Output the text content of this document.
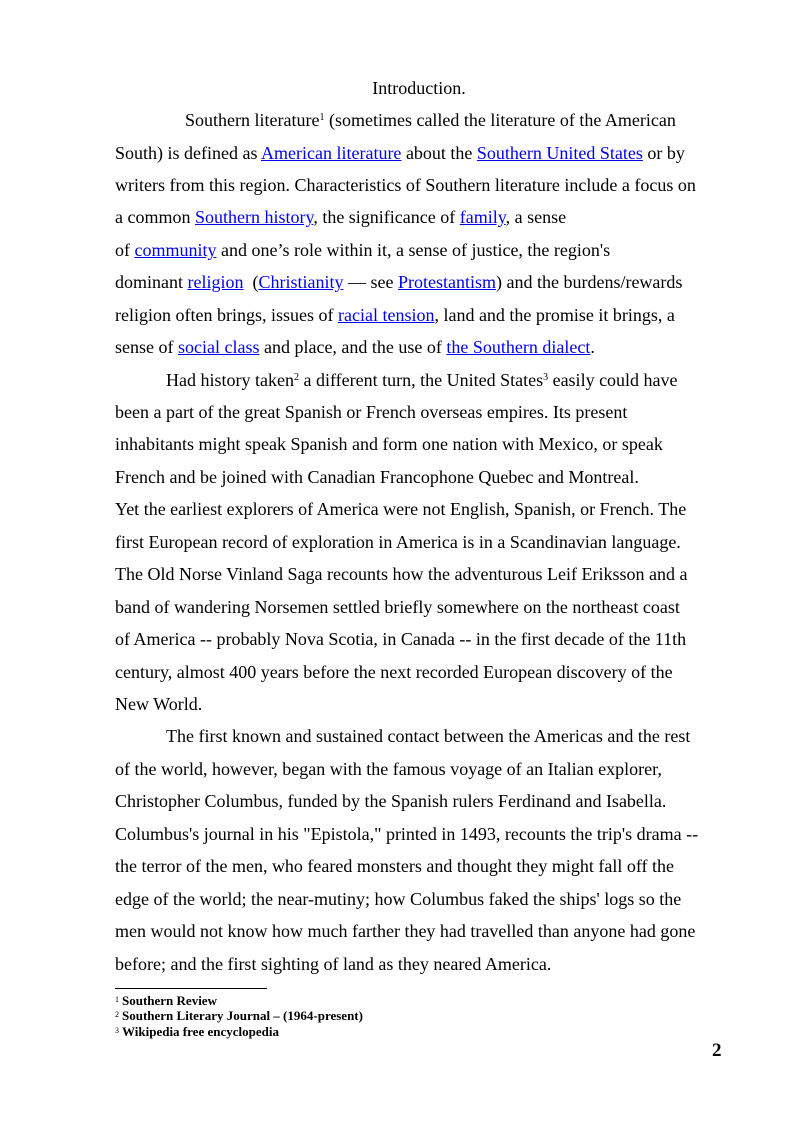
Introduction.
Southern literature$^1$ (sometimes called the literature of the American
South) is defined as American literature about the Southern United States or by
writers from this region. Characteristics of Southern literature include a focus on
a common Southern history, the significance of family, a sense
of community and one’s role within it, a sense of justice, the region's
dominant religion  (Christianity — see Protestantism) and the burdens/rewards
religion often brings, issues of racial tension, land and the promise it brings, a
sense of social class and place, and the use of the Southern dialect.
Had history taken$^2$ a different turn, the United States$^3$ easily could have
been a part of the great Spanish or French overseas empires. Its present
inhabitants might speak Spanish and form one nation with Mexico, or speak
French and be joined with Canadian Francophone Quebec and Montreal.
Yet the earliest explorers of America were not English, Spanish, or French. The
first European record of exploration in America is in a Scandinavian language.
The Old Norse Vinland Saga recounts how the adventurous Leif Eriksson and a
band of wandering Norsemen settled briefly somewhere on the northeast coast
of America -- probably Nova Scotia, in Canada -- in the first decade of the 11th
century, almost 400 years before the next recorded European discovery of the
New World.
The first known and sustained contact between the Americas and the rest
of the world, however, began with the famous voyage of an Italian explorer,
Christopher Columbus, funded by the Spanish rulers Ferdinand and Isabella.
Columbus's journal in his "Epistola," printed in 1493, recounts the trip's drama --
the terror of the men, who feared monsters and thought they might fall off the
edge of the world; the near-mutiny; how Columbus faked the ships' logs so the
men would not know how much farther they had travelled than anyone had gone
before; and the first sighting of land as they neared America.
$^1$ Southern Review
$^2$ Southern Literary Journal – (1964-present)
$^3$ Wikipedia free encyclopedia
2
